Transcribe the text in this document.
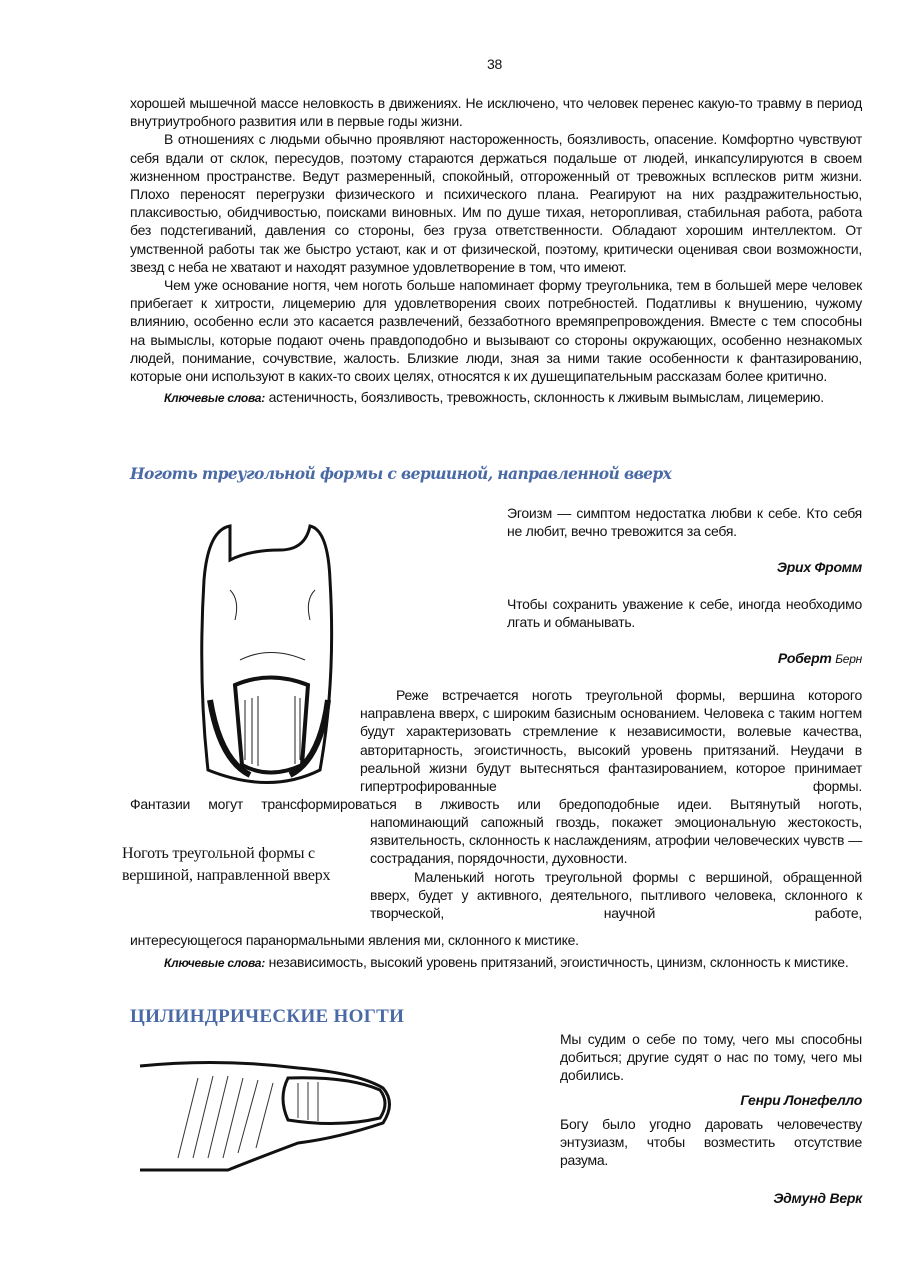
38

хорошей мышечной массе неловкость в движениях. Не исключено, что человек перенес какую-то травму в период внутриутробного развития или в первые годы жизни.

В отношениях с людьми обычно проявляют настороженность, боязливость, опасение. Комфортно чувствуют себя вдали от склок, пересудов, поэтому стараются держаться подальше от людей, инкапсулируются в своем жизненном пространстве. Ведут размеренный, спокойный, отгороженный от тревожных всплесков ритм жизни. Плохо переносят перегрузки физического и психического плана. Реагируют на них раздражительностью, плаксивостью, обидчивостью, поисками виновных. Им по душе тихая, неторопливая, стабильная работа, работа без подстегиваний, давления со стороны, без груза ответственности. Обладают хорошим интеллектом. От умственной работы так же быстро устают, как и от физической, поэтому, критически оценивая свои возможности, звезд с неба не хватают и находят разумное удовлетворение в том, что имеют.

Чем уже основание ногтя, чем ноготь больше напоминает форму треугольника, тем в большей мере человек прибегает к хитрости, лицемерию для удовлетворения своих потребностей. Податливы к внушению, чужому влиянию, особенно если это касается развлечений, беззаботного времяпрепровождения. Вместе с тем способны на вымыслы, которые подают очень правдоподобно и вызывают со стороны окружающих, особенно незнакомых людей, понимание, сочувствие, жалость. Близкие люди, зная за ними такие особенности к фантазированию, которые они используют в каких-то своих целях, относятся к их душещипательным рассказам более критично.

Ключевые слова: астеничность, боязливость, тревожность, склонность к лживым вымыслам, лицемерию.

Ноготь треугольной формы с вершиной, направленной вверх

Эгоизм — симптом недостатка любви к себе. Кто себя не любит, вечно тревожится за себя.

Эрих Фромм

Чтобы сохранить уважение к себе, иногда необходимо лгать и обманывать.

Роберт Берн

Реже встречается ноготь треугольной формы, вершина которого направлена вверх, с широким базисным основанием. Человека с таким ногтем будут характеризовать стремление к независимости, волевые качества, авторитарность, эгоистичность, высокий уровень притязаний. Неудачи в реальной жизни будут вытесняться фантазированием, которое принимает гипертрофированные формы.
Фантазии могут трансформироваться в лживость или бредоподобные идеи. Вытянутый ноготь,

напоминающий сапожный гвоздь, покажет эмоциональную жестокость, язвительность, склонность к наслаждениям, атрофии человеческих чувств — сострадания, порядочности, духовности.

Маленький ноготь треугольной формы с вершиной, обращенной вверх, будет у активного, деятельного, пытливого человека, склонного к творческой, научной работе,

интересующегося паранормальными явления ми, склонного к мистике.
Ноготь треугольной формы с вершиной, направленной вверх
Ключевые слова: независимость, высокий уровень притязаний, эгоистичность, цинизм, склонность к мистике.
ЦИЛИНДРИЧЕСКИЕ НОГТИ

Мы судим о себе по тому, чего мы способны добиться; другие судят о нас по тому, чего мы добились.

Генри Лонгфелло

Богу было угодно даровать человечеству энтузиазм, чтобы возместить отсутствие разума.

Эдмунд Верк
